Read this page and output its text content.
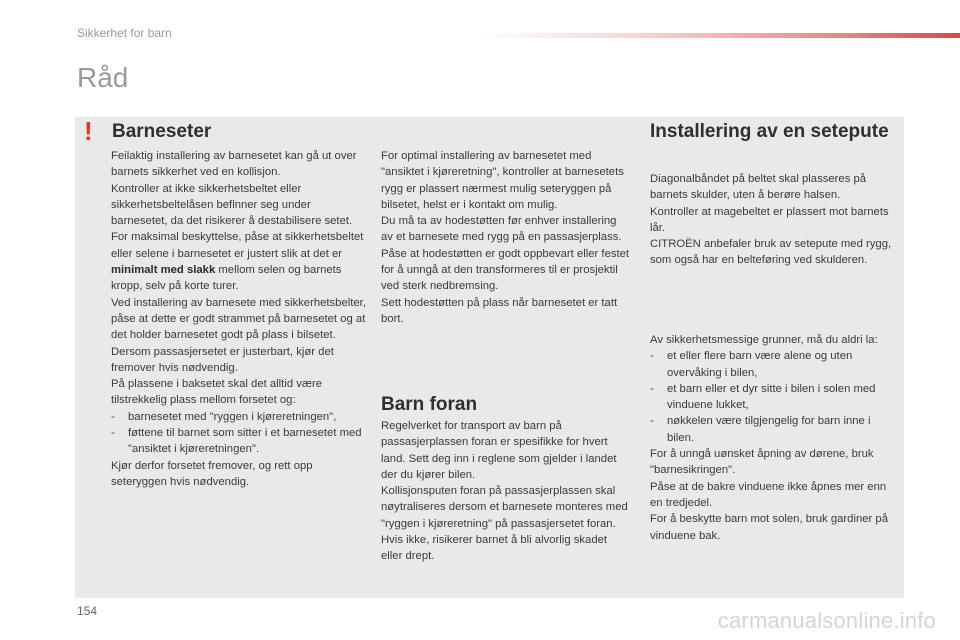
Sikkerhet for barn
Råd
! Barneseter

Feilaktig installering av barnesetet kan gå ut over barnets sikkerhet ved en kollisjon.

Kontroller at ikke sikkerhetsbeltet eller sikkerhetsbeltelåsen befinner seg under barnesetet, da det risikerer å destabilisere setet.

For maksimal beskyttelse, påse at sikkerhetsbeltet eller selene i barnesetet er justert slik at det er minimalt med slakk mellom selen og barnets kropp, selv på korte turer.

Ved installering av barnesete med sikkerhetsbelter, påse at dette er godt strammet på barnesetet og at det holder barnesetet godt på plass i bilsetet. Dersom passasjersetet er justerbart, kjør det fremover hvis nødvendig.

På plassene i baksetet skal det alltid være tilstrekkelig plass mellom forsetet og:

- barnesetet med "ryggen i kjøreretningen",
- føttene til barnet som sitter i et barnesetet med "ansiktet i kjøreretningen".

Kjør derfor forsetet fremover, og rett opp seteryggen hvis nødvendig.

For optimal installering av barnesetet med "ansiktet i kjøreretning", kontroller at barnesetets rygg er plassert nærmest mulig seteryggen på bilsetet, helst er i kontakt om mulig.

Du må ta av hodestøtten før enhver installering av et barnesete med rygg på en passasjerplass.

Påse at hodestøtten er godt oppbevart eller festet for å unngå at den transformeres til er prosjektil ved sterk nedbremsing.

Sett hodestøtten på plass når barnesetet er tatt bort.

Barn foran

Regelverket for transport av barn på passasjerplassen foran er spesifikke for hvert land. Sett deg inn i reglene som gjelder i landet der du kjører bilen.

Kollisjonsputen foran på passasjerplassen skal nøytraliseres dersom et barnesete monteres med "ryggen i kjøreretning" på passasjersetet foran. Hvis ikke, risikerer barnet å bli alvorlig skadet eller drept.

Installering av en setepute

Diagonalbåndet på beltet skal plasseres på barnets skulder, uten å berøre halsen.

Kontroller at magebeltet er plassert mot barnets lår.

CITROËN anbefaler bruk av setepute med rygg, som også har en belteføring ved skulderen.

Av sikkerhetsmessige grunner, må du aldri la:

- et eller flere barn være alene og uten overvåking i bilen,
- et barn eller et dyr sitte i bilen i solen med vinduene lukket,
- nøkkelen være tilgjengelig for barn inne i bilen.

For å unngå uønsket åpning av dørene, bruk "barnesikringen".

Påse at de bakre vinduene ikke åpnes mer enn en tredjedel.

For å beskytte barn mot solen, bruk gardiner på vinduene bak.

154	carmanualsonline.info
